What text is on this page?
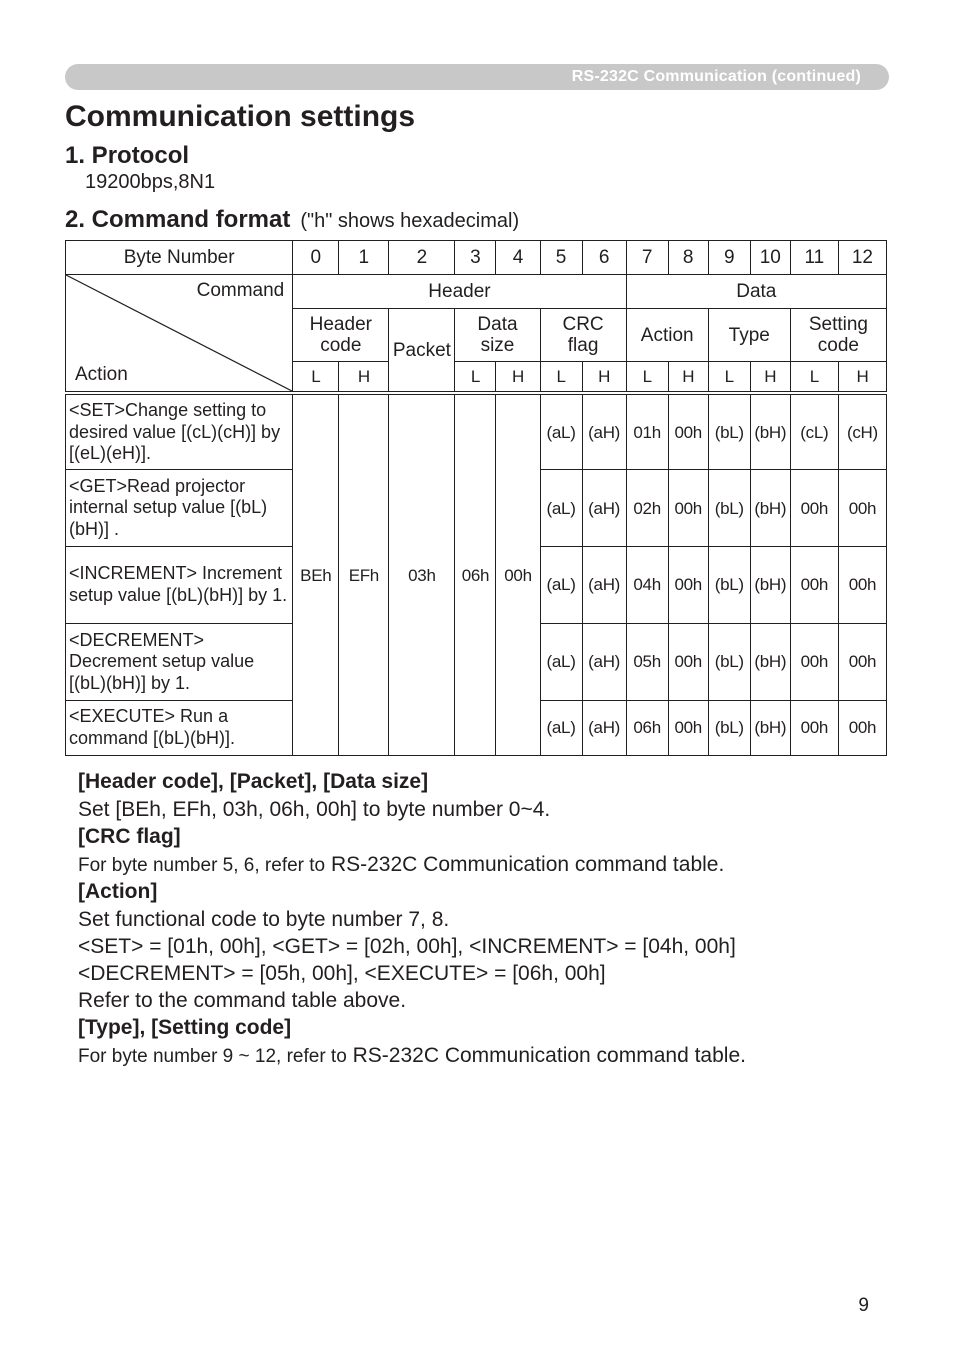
RS-232C Communication (continued)
Communication settings
1. Protocol

19200bps,8N1

2. Command format ("h" shows hexadecimal)
Byte Number	0	1	2	3	4	5	6	7	8	9	10	11	12

Command
Action	Header							Data					
	Header code		Packet	Data size		CRC flag		Action		Type		Setting code	
	L	H		L	H	L	H	L	H	L	H	L	H
<SET>Change setting to desired value [(cL)(cH)] by [(eL)(eH)].	BEh	EFh	03h	06h	00h	(aL)	(aH)	01h	00h	(bL)	(bH)	(cL)	(cH)
<GET>Read projector internal setup value [(bL)(bH)] .						(aL)	(aH)	02h	00h	(bL)	(bH)	00h	00h
<INCREMENT> Increment setup value [(bL)(bH)] by 1.						(aL)	(aH)	04h	00h	(bL)	(bH)	00h	00h
<DECREMENT> Decrement setup value [(bL)(bH)] by 1.						(aL)	(aH)	05h	00h	(bL)	(bH)	00h	00h
<EXECUTE> Run a command [(bL)(bH)].						(aL)	(aH)	06h	00h	(bL)	(bH)	00h	00h

[Header code], [Packet], [Data size]

Set [BEh, EFh, 03h, 06h, 00h] to byte number 0~4.

[CRC flag]

For byte number 5, 6, refer to RS-232C Communication command table.

[Action]

Set functional code to byte number 7, 8.

<SET> = [01h, 00h], <GET> = [02h, 00h], <INCREMENT> = [04h, 00h]

<DECREMENT> = [05h, 00h], <EXECUTE> = [06h, 00h]

Refer to the command table above.

[Type], [Setting code]

For byte number 9 ~ 12, refer to RS-232C Communication command table.

9
